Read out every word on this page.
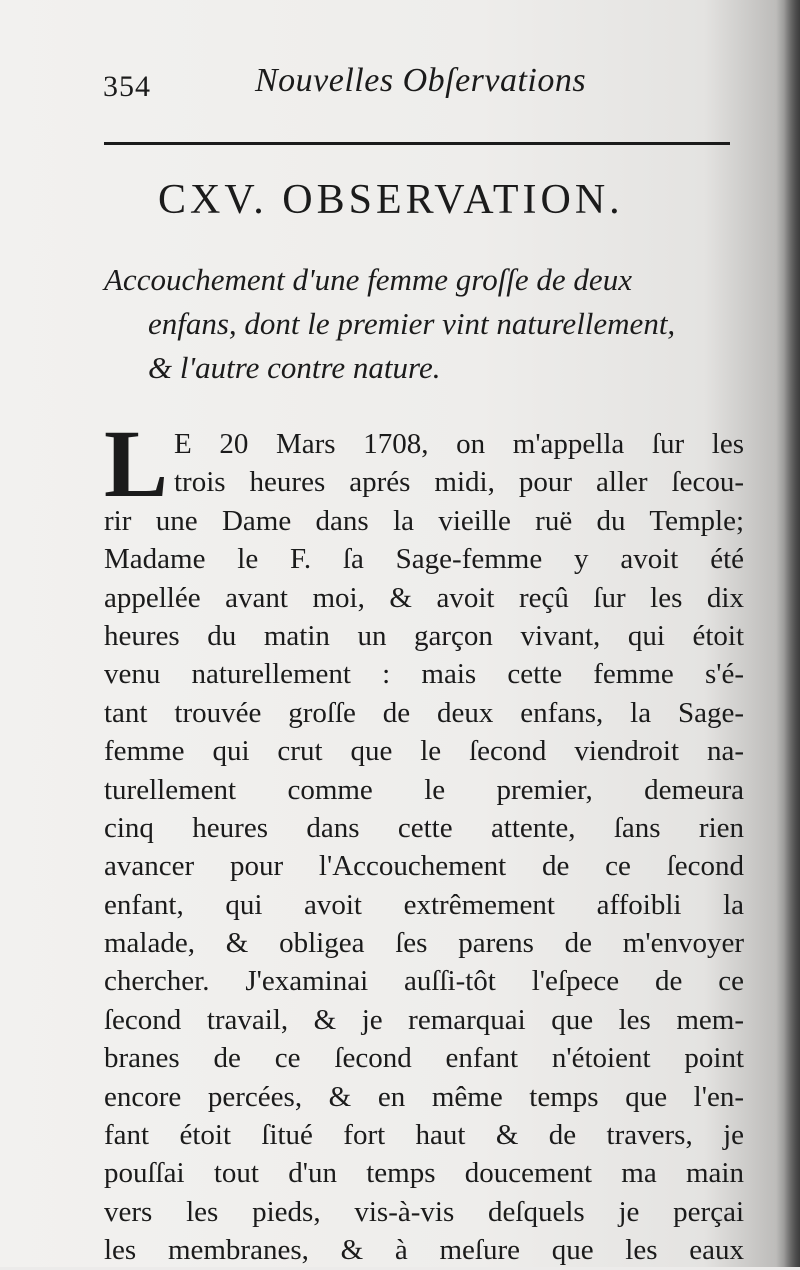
354	Nouvelles Obſervations
CXV. OBSERVATION.
Accouchement d'une femme groſſe de deux
enfans, dont le premier vint naturellement,
& l'autre contre nature.
L E 20 Mars 1708, on m'appella ſur les
trois heures aprés midi, pour aller ſecou-
rir une Dame dans la vieille ruë du Temple;
Madame le F. ſa Sage-femme y avoit été
appellée avant moi, & avoit reçû ſur les dix
heures du matin un garçon vivant, qui étoit
venu naturellement : mais cette femme s'é-
tant trouvée groſſe de deux enfans, la Sage-
femme qui crut que le ſecond viendroit na-
turellement comme le premier, demeura
cinq heures dans cette attente, ſans rien
avancer pour l'Accouchement de ce ſecond
enfant, qui avoit extrêmement affoibli la
malade, & obligea ſes parens de m'envoyer
chercher. J'examinai auſſi-tôt l'eſpece de ce
ſecond travail, & je remarquai que les mem-
branes de ce ſecond enfant n'étoient point
encore percées, & en même temps que l'en-
fant étoit ſitué fort haut & de travers, je
pouſſai tout d'un temps doucement ma main
vers les pieds, vis-à-vis deſquels je perçai
les membranes, & à meſure que les eaux
